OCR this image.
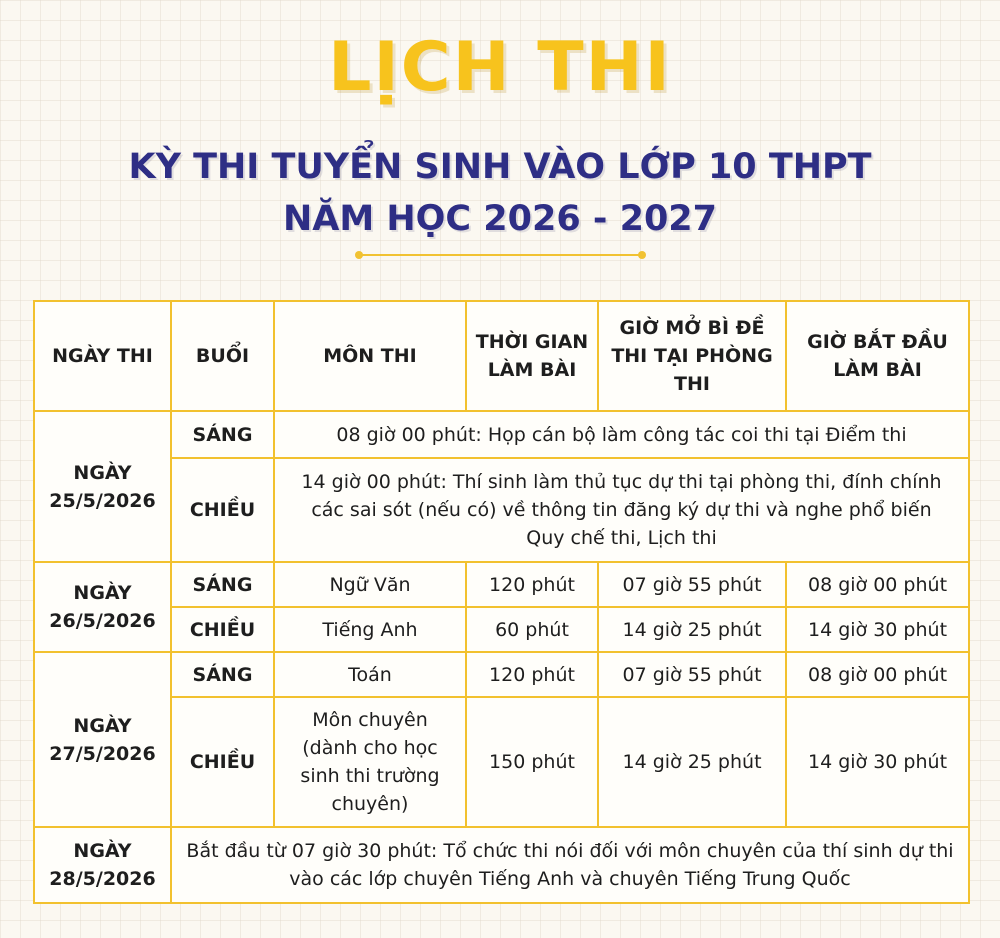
LỊCH THI
KỲ THI TUYỂN SINH VÀO LỚP 10 THPT
NĂM HỌC 2026 - 2027
NGÀY THI	BUỔI	MÔN THI	THỜI GIAN LÀM BÀI	GIỜ MỞ BÌ ĐỀ THI TẠI PHÒNG THI	GIỜ BẮT ĐẦU LÀM BÀI
NGÀY 25/5/2026	SÁNG	08 giờ 00 phút: Họp cán bộ làm công tác coi thi tại Điểm thi			
	CHIỀU	14 giờ 00 phút: Thí sinh làm thủ tục dự thi tại phòng thi, đính chính các sai sót (nếu có) về thông tin đăng ký dự thi và nghe phổ biến Quy chế thi, Lịch thi			
NGÀY 26/5/2026	SÁNG	Ngữ Văn	120 phút	07 giờ 55 phút	08 giờ 00 phút
	CHIỀU	Tiếng Anh	60 phút	14 giờ 25 phút	14 giờ 30 phút
NGÀY 27/5/2026	SÁNG	Toán	120 phút	07 giờ 55 phút	08 giờ 00 phút
	CHIỀU	Môn chuyên (dành cho học sinh thi trường chuyên)	150 phút	14 giờ 25 phút	14 giờ 30 phút
NGÀY 28/5/2026	Bắt đầu từ 07 giờ 30 phút: Tổ chức thi nói đối với môn chuyên của thí sinh dự thi vào các lớp chuyên Tiếng Anh và chuyên Tiếng Trung Quốc				
